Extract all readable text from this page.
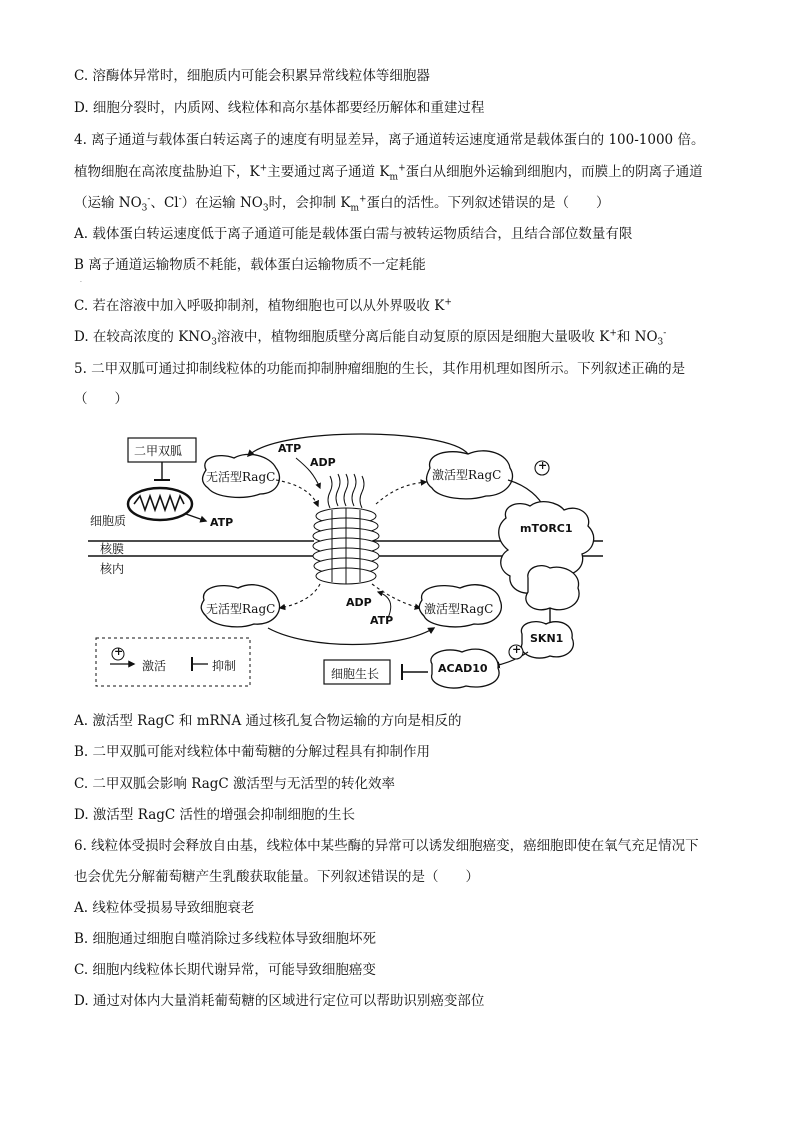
C. 溶酶体异常时，细胞质内可能会积累异常线粒体等细胞器
D. 细胞分裂时，内质网、线粒体和高尔基体都要经历解体和重建过程
4. 离子通道与载体蛋白转运离子的速度有明显差异，离子通道转运速度通常是载体蛋白的 100-1000 倍。
植物细胞在高浓度盐胁迫下，K+主要通过离子通道 $K_m^+$蛋白从细胞外运输到细胞内，而膜上的阴离子通道
（运输 $NO_3^-$、Cl-）在运输 $NO_3$时，会抑制 $K_m^+$蛋白的活性。下列叙述错误的是（　　）
A. 载体蛋白转运速度低于离子通道可能是载体蛋白需与被转运物质结合，且结合部位数量有限
B 离子通道运输物质不耗能，载体蛋白运输物质不一定耗能
·
C. 若在溶液中加入呼吸抑制剂，植物细胞也可以从外界吸收 K+
D. 在较高浓度的 $KNO_3$溶液中，植物细胞质壁分离后能自动复原的原因是细胞大量吸收 K+和 $NO_3^-$
5. 二甲双胍可通过抑制线粒体的功能而抑制肿瘤细胞的生长，其作用机理如图所示。下列叙述正确的是
（　　）
二甲双胍	ATP
ADP
无活型RagC	激活型RagC
+
细胞质	ATP	mTORC1
核膜
核内
ADP
ATP
无活型RagC	激活型RagC
SKN1
+
ACAD10
细胞生长
+
激活	抑制
A. 激活型 RagC 和 mRNA 通过核孔复合物运输的方向是相反的
B. 二甲双胍可能对线粒体中葡萄糖的分解过程具有抑制作用
C. 二甲双胍会影响 RagC 激活型与无活型的转化效率
D. 激活型 RagC 活性的增强会抑制细胞的生长
6. 线粒体受损时会释放自由基，线粒体中某些酶的异常可以诱发细胞癌变，癌细胞即使在氧气充足情况下
也会优先分解葡萄糖产生乳酸获取能量。下列叙述错误的是（　　）
A. 线粒体受损易导致细胞衰老
B. 细胞通过细胞自噬消除过多线粒体导致细胞坏死
C. 细胞内线粒体长期代谢异常，可能导致细胞癌变
D. 通过对体内大量消耗葡萄糖的区域进行定位可以帮助识别癌变部位
